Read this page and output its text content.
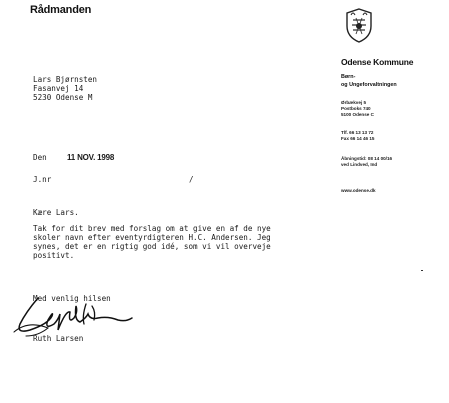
Rådmanden
Odense Kommune
Børn-
og Ungeforvaltningen
Ørbækvej 5
Postboks 740
5100 Odense C
Tlf. 66 13 13 72
Fax 66 14 46 15
Åbningstid: 08 14 00/16
ved Lindved, Ind
www.odense.dk
Lars Bjørnsten
Fasanvej 14
5230 Odense M
Den	11 NOV. 1998
J.nr	/
Kære Lars.
Tak for dit brev med forslag om at give en af de nye
skoler navn efter eventyrdigteren H.C. Andersen. Jeg
synes, det er en rigtig god idé, som vi vil overveje
positivt.
Med venlig hilsen
Ruth Larsen
